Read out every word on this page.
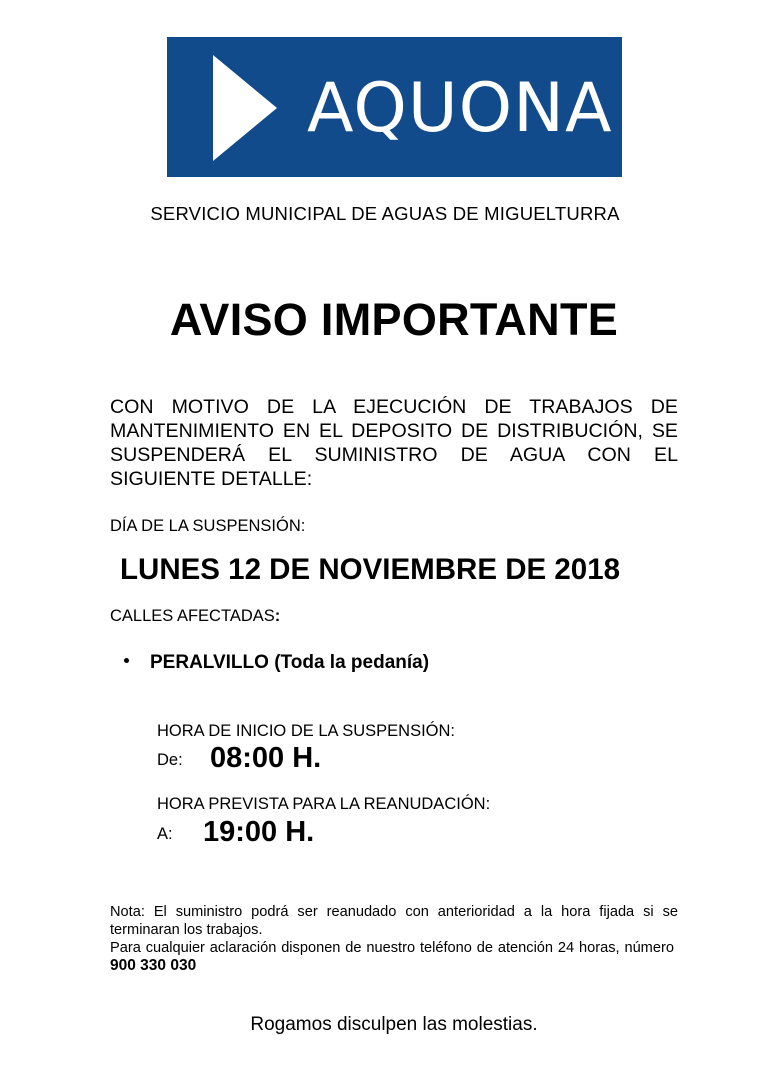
AQUONA
SERVICIO MUNICIPAL DE AGUAS DE MIGUELTURRA
AVISO IMPORTANTE
CON MOTIVO DE LA EJECUCIÓN DE TRABAJOS DE MANTENIMIENTO EN EL DEPOSITO DE DISTRIBUCIÓN, SE SUSPENDERÁ EL SUMINISTRO DE AGUA CON EL SIGUIENTE DETALLE:
DÍA DE LA SUSPENSIÓN:
LUNES 12 DE NOVIEMBRE DE 2018
CALLES AFECTADAS:
PERALVILLO (Toda la pedanía)
HORA DE INICIO DE LA SUSPENSIÓN:
De: 08:00 H.
HORA PREVISTA PARA LA REANUDACIÓN:
A: 19:00 H.
Nota: El suministro podrá ser reanudado con anterioridad a la hora fijada si se terminaran los trabajos.
Para cualquier aclaración disponen de nuestro teléfono de atención 24 horas, número  900 330 030
Rogamos disculpen las molestias.
